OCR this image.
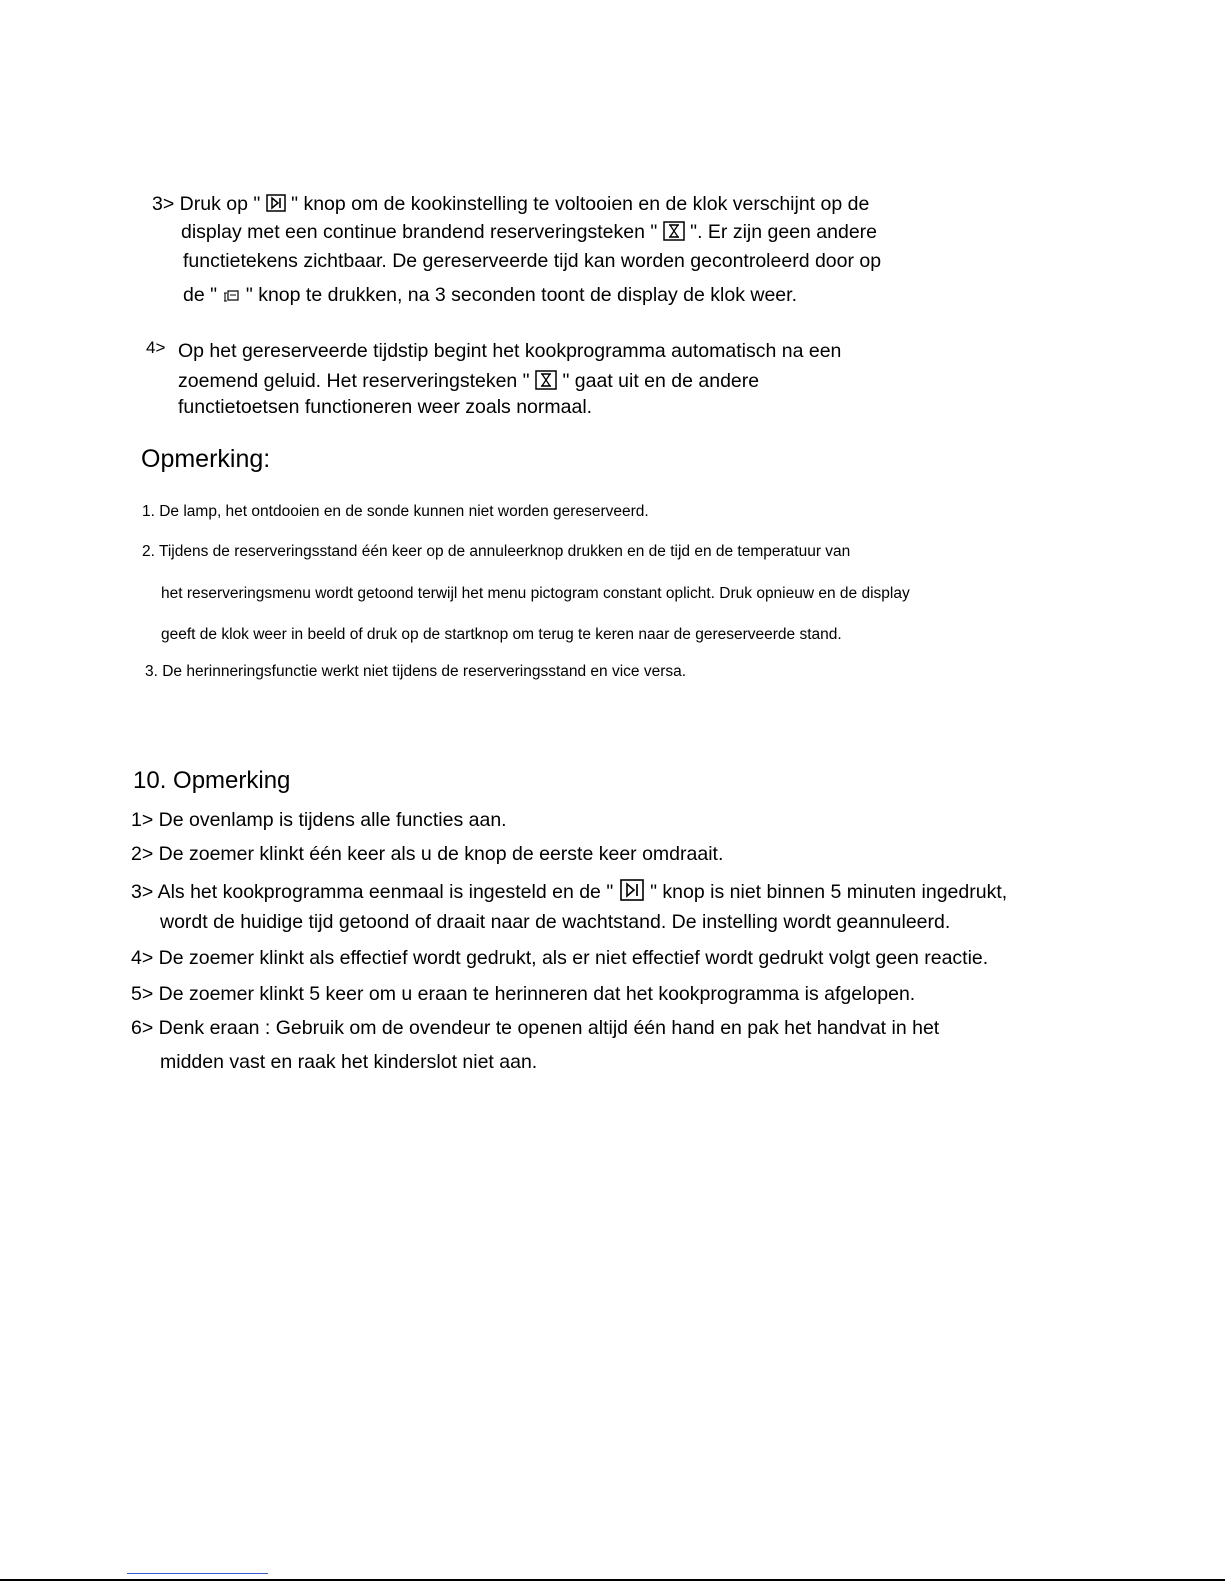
3> Druk op " " knop om de kookinstelling te voltooien en de klok verschijnt op de
display met een continue brandend reserveringsteken " ". Er zijn geen andere
functietekens zichtbaar. De gereserveerde tijd kan worden gecontroleerd door op
de " " knop te drukken, na 3 seconden toont de display de klok weer.
4> Op het gereserveerde tijdstip begint het kookprogramma automatisch na een
zoemend geluid. Het reserveringsteken " " gaat uit en de andere
functietoetsen functioneren weer zoals normaal.
Opmerking:
1. De lamp, het ontdooien en de sonde kunnen niet worden gereserveerd.
2. Tijdens de reserveringsstand één keer op de annuleerknop drukken en de tijd en de temperatuur van
het reserveringsmenu wordt getoond terwijl het menu pictogram constant oplicht. Druk opnieuw en de display
geeft de klok weer in beeld of druk op de startknop om terug te keren naar de gereserveerde stand.
3. De herinneringsfunctie werkt niet tijdens de reserveringsstand en vice versa.
10. Opmerking
1> De ovenlamp is tijdens alle functies aan.
2> De zoemer klinkt één keer als u de knop de eerste keer omdraait.
3> Als het kookprogramma eenmaal is ingesteld en de " " knop is niet binnen 5 minuten ingedrukt,
wordt de huidige tijd getoond of draait naar de wachtstand. De instelling wordt geannuleerd.
4> De zoemer klinkt als effectief wordt gedrukt, als er niet effectief wordt gedrukt volgt geen reactie.
5> De zoemer klinkt 5 keer om u eraan te herinneren dat het kookprogramma is afgelopen.
6> Denk eraan : Gebruik om de ovendeur te openen altijd één hand en pak het handvat in het
midden vast en raak het kinderslot niet aan.
